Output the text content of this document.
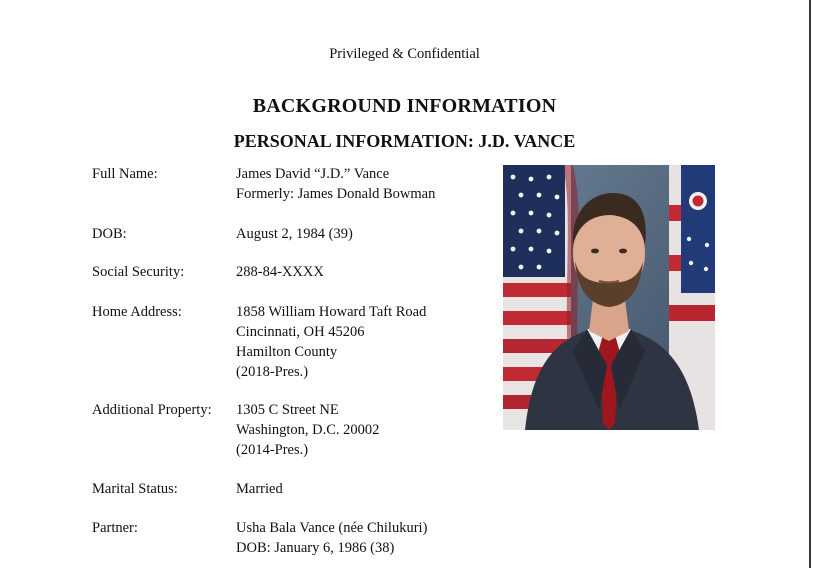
Privileged & Confidential
BACKGROUND INFORMATION
PERSONAL INFORMATION: J.D. VANCE
Full Name:	James David “J.D.” Vance
Formerly: James Donald Bowman
DOB:	August 2, 1984 (39)
Social Security:	288-84-XXXX
Home Address:	1858 William Howard Taft Road
Cincinnati, OH 45206
Hamilton County
(2018-Pres.)
Additional Property: 1305 C Street NE
Washington, D.C. 20002
(2014-Pres.)
Marital Status:	Married
Partner:	Usha Bala Vance (née Chilukuri)
DOB: January 6, 1986 (38)
